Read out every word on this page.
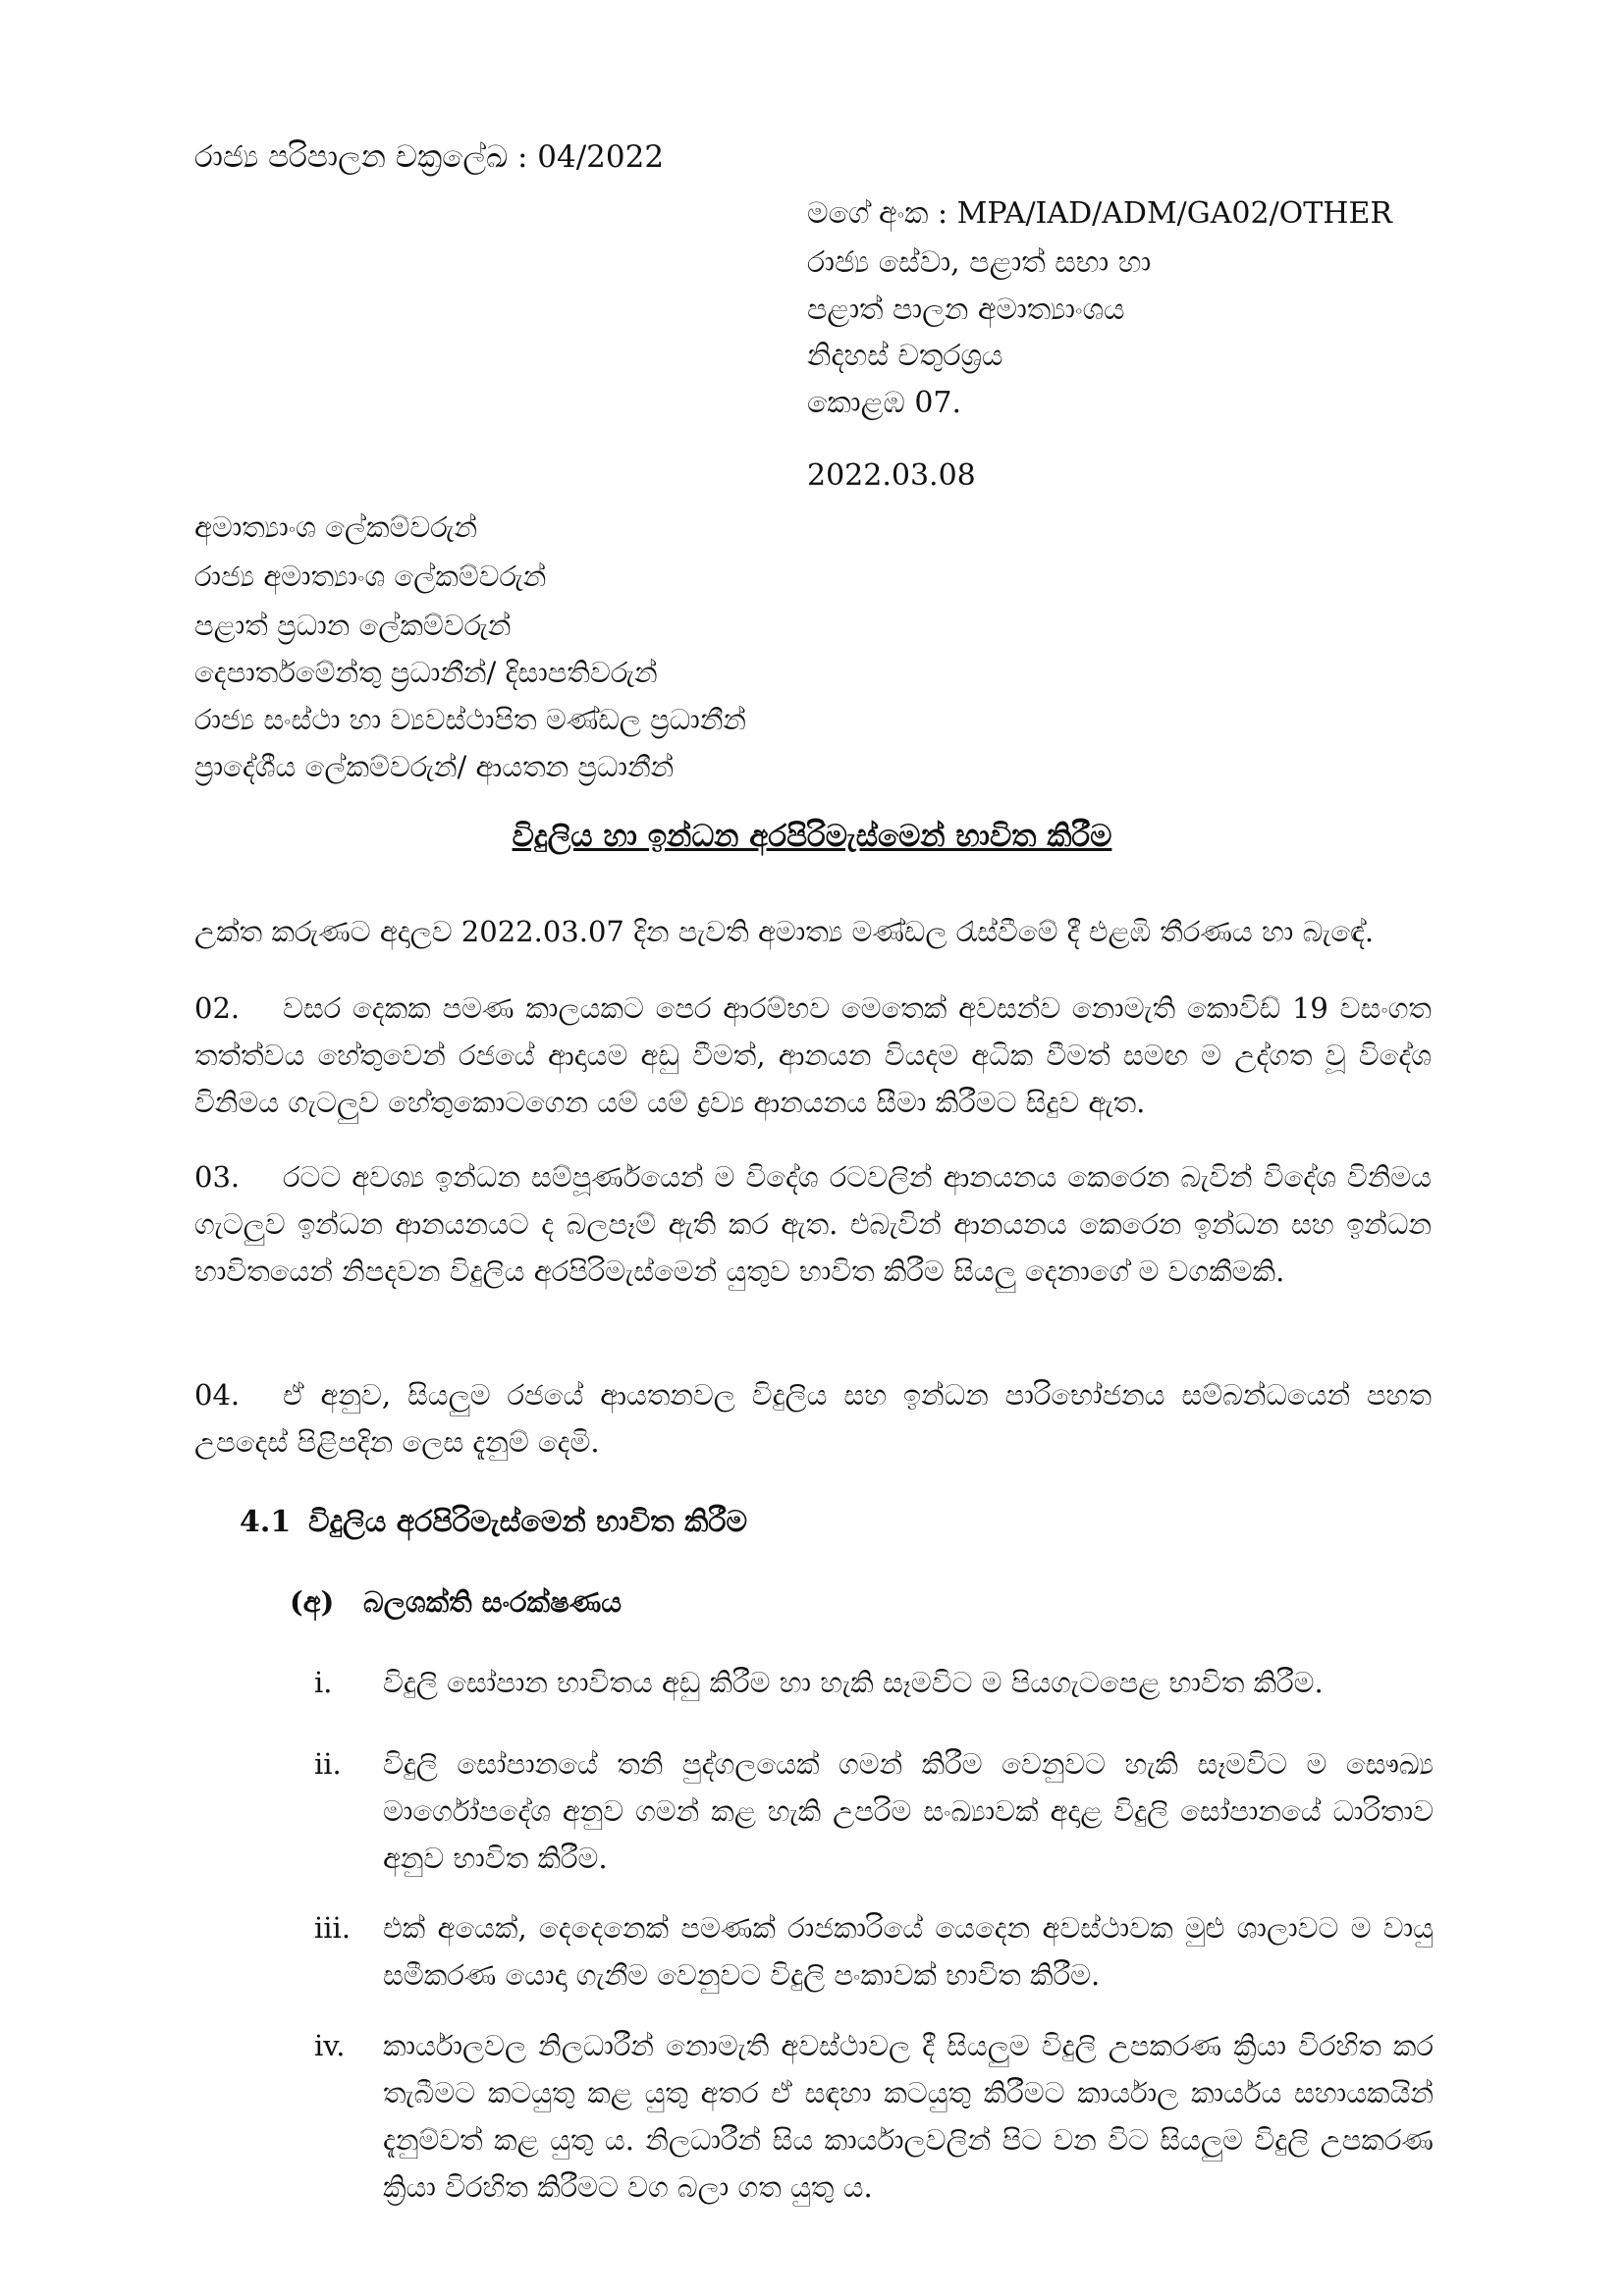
රාජ්‍ය පරිපාලන චක්‍රලේඛ : 04/2022
මගේ අංක : MPA/IAD/ADM/GA02/OTHER
රාජ්‍ය සේවා, පළාත් සභා හා
පළාත් පාලන අමාත්‍යාංශය
නිදහස් චතුරශ්‍රය
කොළඹ 07.
2022.03.08
අමාත්‍යාංශ ලේකම්වරුන්
රාජ්‍ය අමාත්‍යාංශ ලේකම්වරුන්
පළාත් ප්‍රධාන ලේකම්වරුන්
දෙපාර්තමේන්තු ප්‍රධානීන්/ දිසාපතිවරුන්
රාජ්‍ය සංස්ථා හා ව්‍යවස්ථාපිත මණ්ඩල ප්‍රධානීන්
ප්‍රාදේශීය ලේකම්වරුන්/ ආයතන ප්‍රධානීන්
විදුලිය හා ඉන්ධන අරපිරිමැස්මෙන් භාවිත කිරීම
උක්ත කරුණට අදාලව 2022.03.07 දින පැවති අමාත්‍ය මණ්ඩල රැස්වීමේ දී එළඹි තීරණය හා බැඳේ.
02. වසර දෙකක පමණ කාලයකට පෙර ආරම්භව මෙතෙක් අවසන්ව නොමැති කොවිඩ් 19 වසංගත තත්ත්වය හේතුවෙන් රජයේ ආදායම අඩු වීමත්, ආනයන වියදම අධික වීමත් සමඟ ම උද්ගත වූ විදේශ විනිමය ගැටලුව හේතුකොටගෙන යම් යම් ද්‍රව්‍ය ආනයනය සීමා කිරීමට සිදුව ඇත.
03. රටට අවශ්‍ය ඉන්ධන සම්පූර්ණයෙන් ම විදේශ රටවලින් ආනයනය කෙරෙන බැවින් විදේශ විනිමය ගැටලුව ඉන්ධන ආනයනයට ද බලපෑම් ඇති කර ඇත. එබැවින් ආනයනය කෙරෙන ඉන්ධන සහ ඉන්ධන භාවිතයෙන් නිපදවන විදුලිය අරපිරිමැස්මෙන් යුතුව භාවිත කිරීම සියලු දෙනාගේ ම වගකීමකි.
04. ඒ අනුව, සියලුම රජයේ ආයතනවල විදුලිය සහ ඉන්ධන පාරිභෝජනය සම්බන්ධයෙන් පහත උපදෙස් පිළිපදින ලෙස දැනුම් දෙමි.
4.1 විදුලිය අරපිරිමැස්මෙන් භාවිත කිරීම
(අ) බලශක්ති සංරක්ෂණය
i.	විදුලි සෝපාන භාවිතය අඩු කිරීම හා හැකි සෑමවිට ම පියගැටපෙළ භාවිත කිරීම.
ii.	විදුලි සෝපානයේ තනි පුද්ගලයෙක් ගමන් කිරීම වෙනුවට හැකි සෑමවිට ම සෞඛ්‍ය මාර්ගෝපදේශ අනුව ගමන් කළ හැකි උපරිම සංඛ්‍යාවක් අදාළ විදුලි සෝපානයේ ධාරිතාව අනුව භාවිත කිරීම.
iii.	එක් අයෙක්, දෙදෙනෙක් පමණක් රාජකාරියේ යෙදෙන අවස්ථාවක මුළු ශාලාවට ම වායු සමීකරණ යොදා ගැනීම වෙනුවට විදුලි පංකාවක් භාවිත කිරීම.
iv.	කාර්යාලවල නිලධාරීන් නොමැති අවස්ථාවල දී සියලුම විදුලි උපකරණ ක්‍රියා විරහිත කර තැබීමට කටයුතු කළ යුතු අතර ඒ සඳහා කටයුතු කිරීමට කාර්යාල කාර්යය සහායකයින් දැනුම්වත් කළ යුතු ය. නිලධාරීන් සිය කාර්යාලවලින් පිට වන විට සියලුම විදුලි උපකරණ ක්‍රියා විරහිත කිරීමට වග බලා ගත යුතු ය.
